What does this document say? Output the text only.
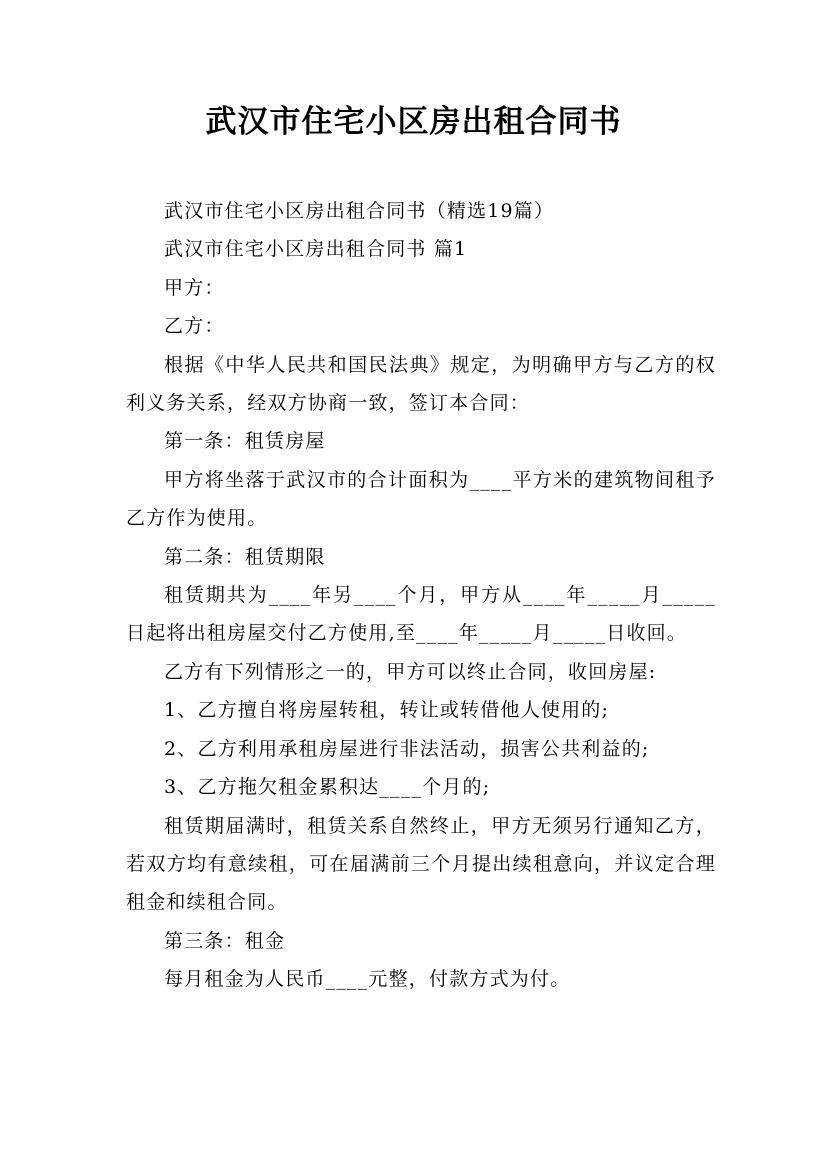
武汉市住宅小区房出租合同书

武汉市住宅小区房出租合同书（精选19篇）

武汉市住宅小区房出租合同书 篇1

甲方：

乙方：

根据《中华人民共和国民法典》规定，为明确甲方与乙方的权利义务关系，经双方协商一致，签订本合同：

第一条：租赁房屋

甲方将坐落于武汉市的合计面积为____平方米的建筑物间租予乙方作为使用。

第二条：租赁期限

租赁期共为____年另____个月，甲方从____年_____月_____日起将出租房屋交付乙方使用,至____年_____月_____日收回。

乙方有下列情形之一的，甲方可以终止合同，收回房屋:

1、乙方擅自将房屋转租，转让或转借他人使用的;

2、乙方利用承租房屋进行非法活动，损害公共利益的;

3、乙方拖欠租金累积达____个月的;

租赁期届满时，租赁关系自然终止，甲方无须另行通知乙方，若双方均有意续租，可在届满前三个月提出续租意向，并议定合理租金和续租合同。

第三条：租金

每月租金为人民币____元整，付款方式为付。
